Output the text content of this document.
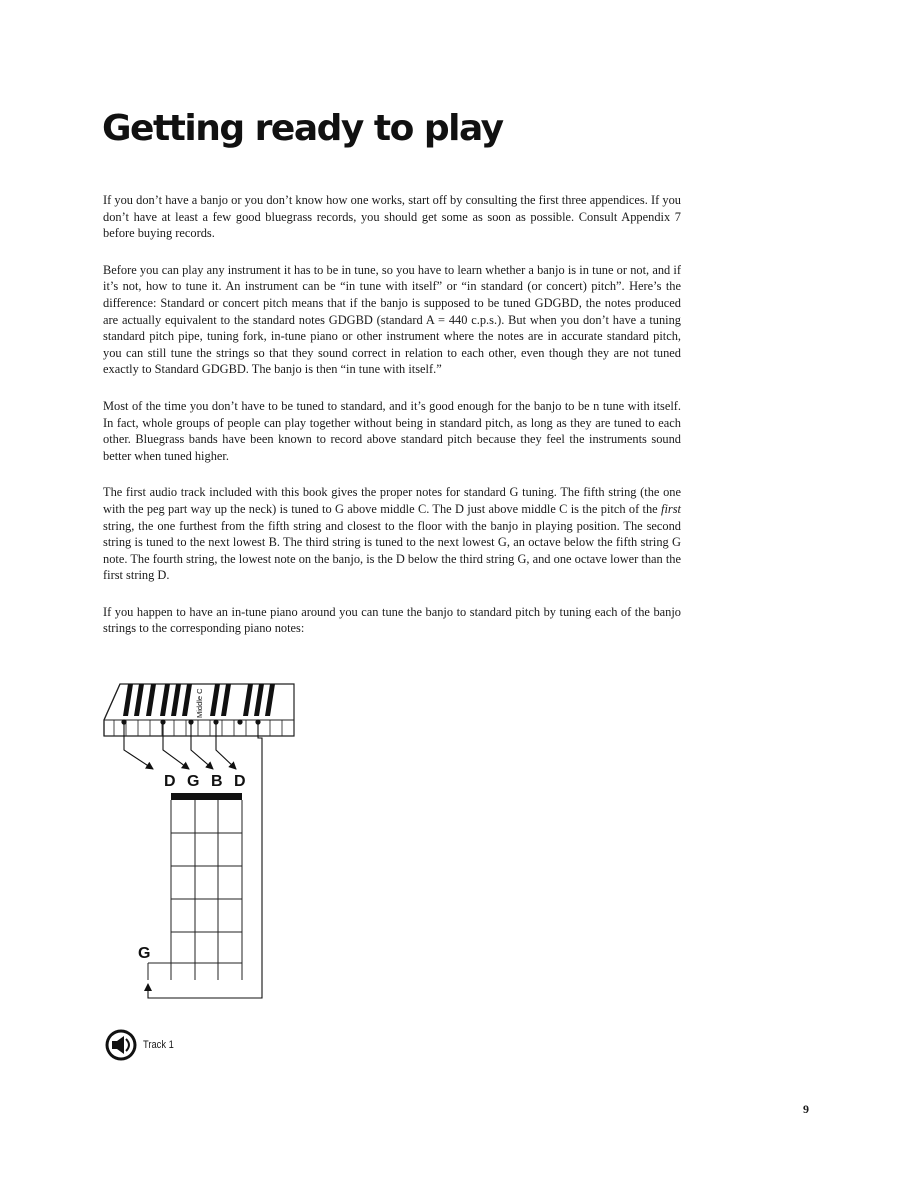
Getting ready to play

If you don’t have a banjo or you don’t know how one works, start off by consulting the first three appendices. If you don’t have at least a few good bluegrass records, you should get some as soon as possible. Consult Appendix 7 before buying records.

Before you can play any instrument it has to be in tune, so you have to learn whether a banjo is in tune or not, and if it’s not, how to tune it. An instrument can be “in tune with itself” or “in standard (or concert) pitch”. Here’s the difference: Standard or concert pitch means that if the banjo is supposed to be tuned GDGBD, the notes produced are actually equivalent to the standard notes GDGBD (standard A = 440 c.p.s.). But when you don’t have a tuning standard pitch pipe, tuning fork, in-tune piano or other instrument where the notes are in accurate standard pitch, you can still tune the strings so that they sound correct in relation to each other, even though they are not tuned exactly to Standard GDGBD. The banjo is then “in tune with itself.”

Most of the time you don’t have to be tuned to standard, and it’s good enough for the banjo to be n tune with itself. In fact, whole groups of people can play together without being in standard pitch, as long as they are tuned to each other. Bluegrass bands have been known to record above standard pitch because they feel the instruments sound better when tuned higher.

The first audio track included with this book gives the proper notes for standard G tuning. The fifth string (the one with the peg part way up the neck) is tuned to G above middle C. The D just above middle C is the pitch of the first string, the one furthest from the fifth string and closest to the floor with the banjo in playing position. The second string is tuned to the next lowest B. The third string is tuned to the next lowest G, an octave below the fifth string G note. The fourth string, the lowest note on the banjo, is the D below the third string G, and one octave lower than the first string D.

If you happen to have an in-tune piano around you can tune the banjo to standard pitch by tuning each of the banjo strings to the corresponding piano notes:

Middle C
D G B D
G
Track 1
9
